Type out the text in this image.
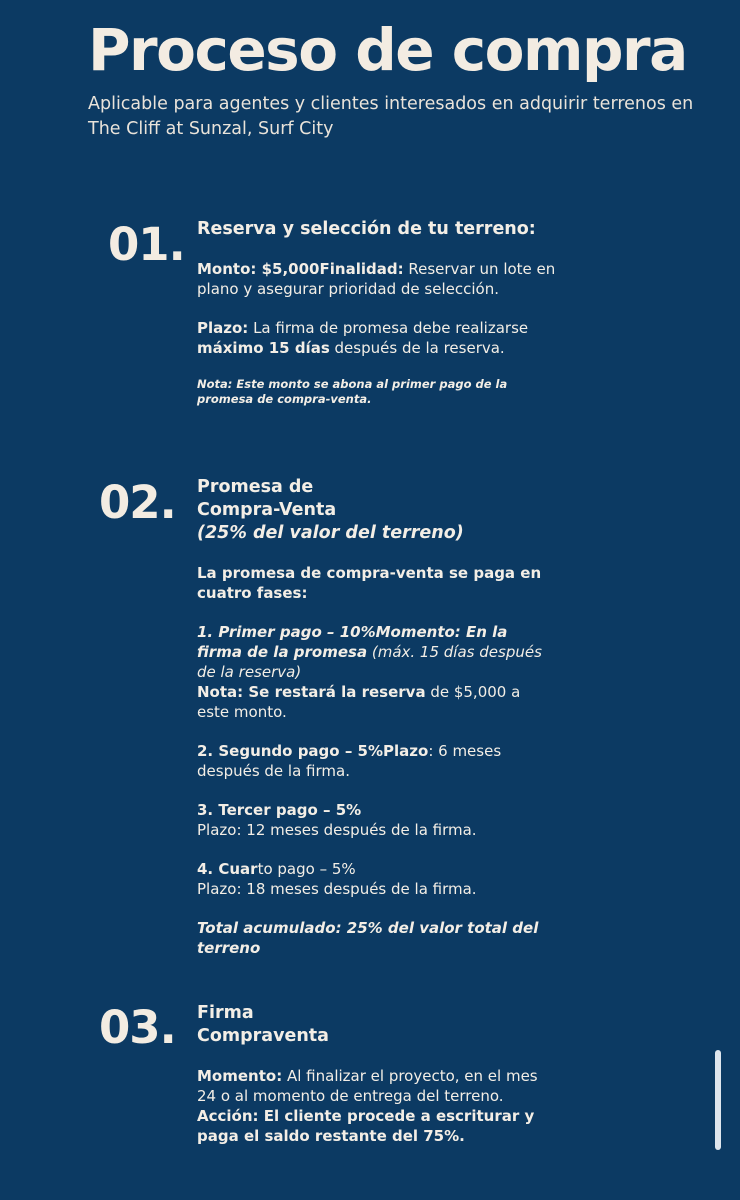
Proceso de compra

Aplicable para agentes y clientes interesados en adquirir terrenos en The Cliff at Sunzal, Surf City

01. Reserva y selección de tu terreno:

Monto: $5,000Finalidad: Reservar un lote en plano y asegurar prioridad de selección.

Plazo: La firma de promesa debe realizarse máximo 15 días después de la reserva.

Nota: Este monto se abona al primer pago de la promesa de compra-venta.

02. Promesa de
Compra-Venta
(25% del valor del terreno)

La promesa de compra-venta se paga en cuatro fases:

1. Primer pago – 10%Momento: En la firma de la promesa (máx. 15 días después de la reserva)
Nota: Se restará la reserva de $5,000 a este monto.

2. Segundo pago – 5%Plazo: 6 meses después de la firma.

3. Tercer pago – 5%
Plazo: 12 meses después de la firma.

4. Cuarto pago – 5%
Plazo: 18 meses después de la firma.

Total acumulado: 25% del valor total del terreno

03. Firma
Compraventa

Momento: Al finalizar el proyecto, en el mes 24 o al momento de entrega del terreno.
Acción: El cliente procede a escriturar y paga el saldo restante del 75%.
